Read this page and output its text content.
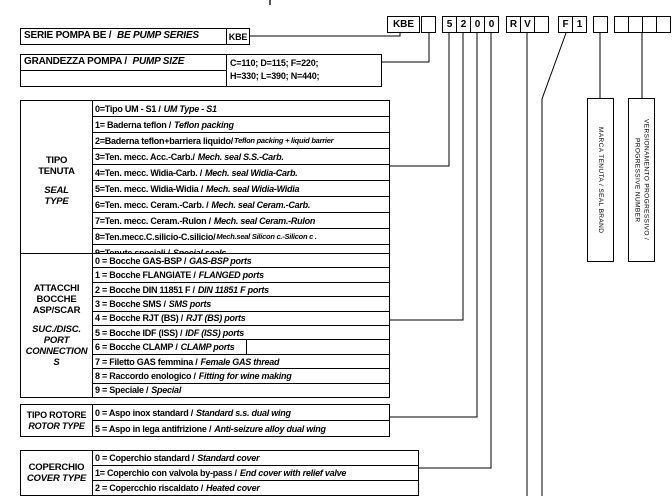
KBE	5 2 0 0	R V	F 1
SERIE POMPA BE / BE PUMP SERIES	KBE
GRANDEZZA POMPA / PUMP SIZE	C=110; D=115; F=220;
H=330; L=390; N=440;
TIPO
TENUTA
SEAL
TYPE
0=Tipo UM - S1 / UM Type - S1
1= Baderna teflon / Teflon packing
2=Baderna teflon+barriera liquido/ Teflon packing + liquid barrier
3=Ten. mecc. Acc.-Carb./ Mech. seal S.S.-Carb.
4=Ten. mecc. Widia-Carb. / Mech. seal Widia-Carb.
5=Ten. mecc. Widia-Widia / Mech. seal Widia-Widia
6=Ten. mecc. Ceram.-Carb. / Mech. seal Ceram.-Carb.
7=Ten. mecc. Ceram.-Rulon / Mech. seal Ceram.-Rulon
8=Ten.mecc.C.silicio-C.silicio/ Mech.seal Silicon c.-Silicon c .
ATTACCHI
BOCCHE
ASP/SCAR
SUC./DISC.
PORT
CONNECTION
S
0 = Bocche GAS-BSP / GAS-BSP ports
1 = Bocche FLANGIATE / FLANGED ports
2 = Bocche DIN 11851 F / DIN 11851 F ports
3 = Bocche SMS / SMS ports
4 = Bocche RJT (BS) / RJT (BS) ports
5 = Bocche IDF (ISS) / IDF (ISS) ports
6 = Bocche CLAMP / CLAMP ports
7 = Filetto GAS femmina / Female GAS thread
8 = Raccordo enologico / Fitting for wine making
9 = Speciale / Special
TIPO ROTORE
ROTOR TYPE
0 = Aspo inox standard / Standard s.s. dual wing
5 = Aspo in lega antifrizione / Anti-seizure alloy dual wing
COPERCHIO
COVER TYPE
0 = Coperchio standard / Standard cover
1= Coperchio con valvola by-pass / End cover with relief valve
2 = Copercchio riscaldato / Heated cover
MARCA TENUTA / SEAL BRAND	VERSIONAMENTO PROGRESSIVO /
PROGRESSIVE NUMBER
